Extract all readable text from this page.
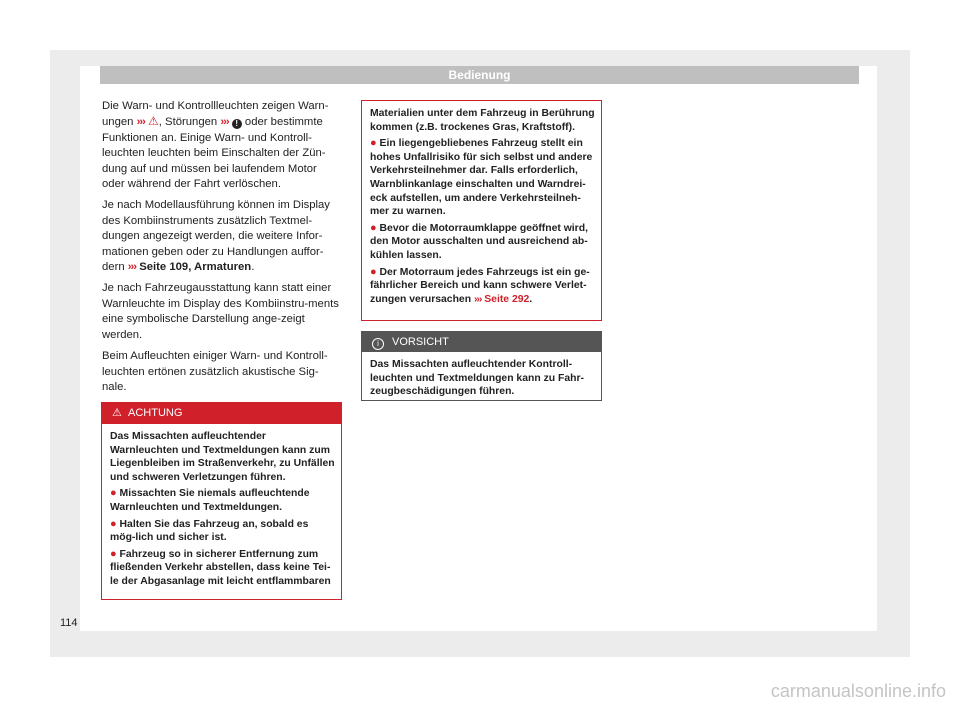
Bedienung

Die Warn- und Kontrollleuchten zeigen Warn-ungen ››› ⚠, Störungen ››› ! oder bestimmte Funktionen an. Einige Warn- und Kontroll-leuchten leuchten beim Einschalten der Zün-dung auf und müssen bei laufendem Motor oder während der Fahrt verlöschen.

Je nach Modellausführung können im Display des Kombiinstruments zusätzlich Textmel-dungen angezeigt werden, die weitere Infor-mationen geben oder zu Handlungen auffor-dern ››› Seite 109, Armaturen.

Je nach Fahrzeugausstattung kann statt einer Warnleuchte im Display des Kombiinstru-ments eine symbolische Darstellung ange-zeigt werden.

Beim Aufleuchten einiger Warn- und Kontroll-leuchten ertönen zusätzlich akustische Sig-nale.

⚠ ACHTUNG

Das Missachten aufleuchtender Warnleuchten und Textmeldungen kann zum Liegenbleiben im Straßenverkehr, zu Unfällen und schweren Verletzungen führen.

● Missachten Sie niemals aufleuchtende Warnleuchten und Textmeldungen.

● Halten Sie das Fahrzeug an, sobald es mög-lich und sicher ist.

● Fahrzeug so in sicherer Entfernung zum fließenden Verkehr abstellen, dass keine Tei-le der Abgasanlage mit leicht entflammbaren

Materialien unter dem Fahrzeug in Berührung kommen (z.B. trockenes Gras, Kraftstoff).

● Ein liegengebliebenes Fahrzeug stellt ein hohes Unfallrisiko für sich selbst und andere Verkehrsteilnehmer dar. Falls erforderlich, Warnblinkanlage einschalten und Warndrei-eck aufstellen, um andere Verkehrsteilneh-mer zu warnen.

● Bevor die Motorraumklappe geöffnet wird, den Motor ausschalten und ausreichend ab-kühlen lassen.

● Der Motorraum jedes Fahrzeugs ist ein ge-fährlicher Bereich und kann schwere Verlet-zungen verursachen ››› Seite 292.

i VORSICHT
Das Missachten aufleuchtender Kontroll-leuchten und Textmeldungen kann zu Fahr-zeugbeschädigungen führen.
114
carmanualsonline.info
